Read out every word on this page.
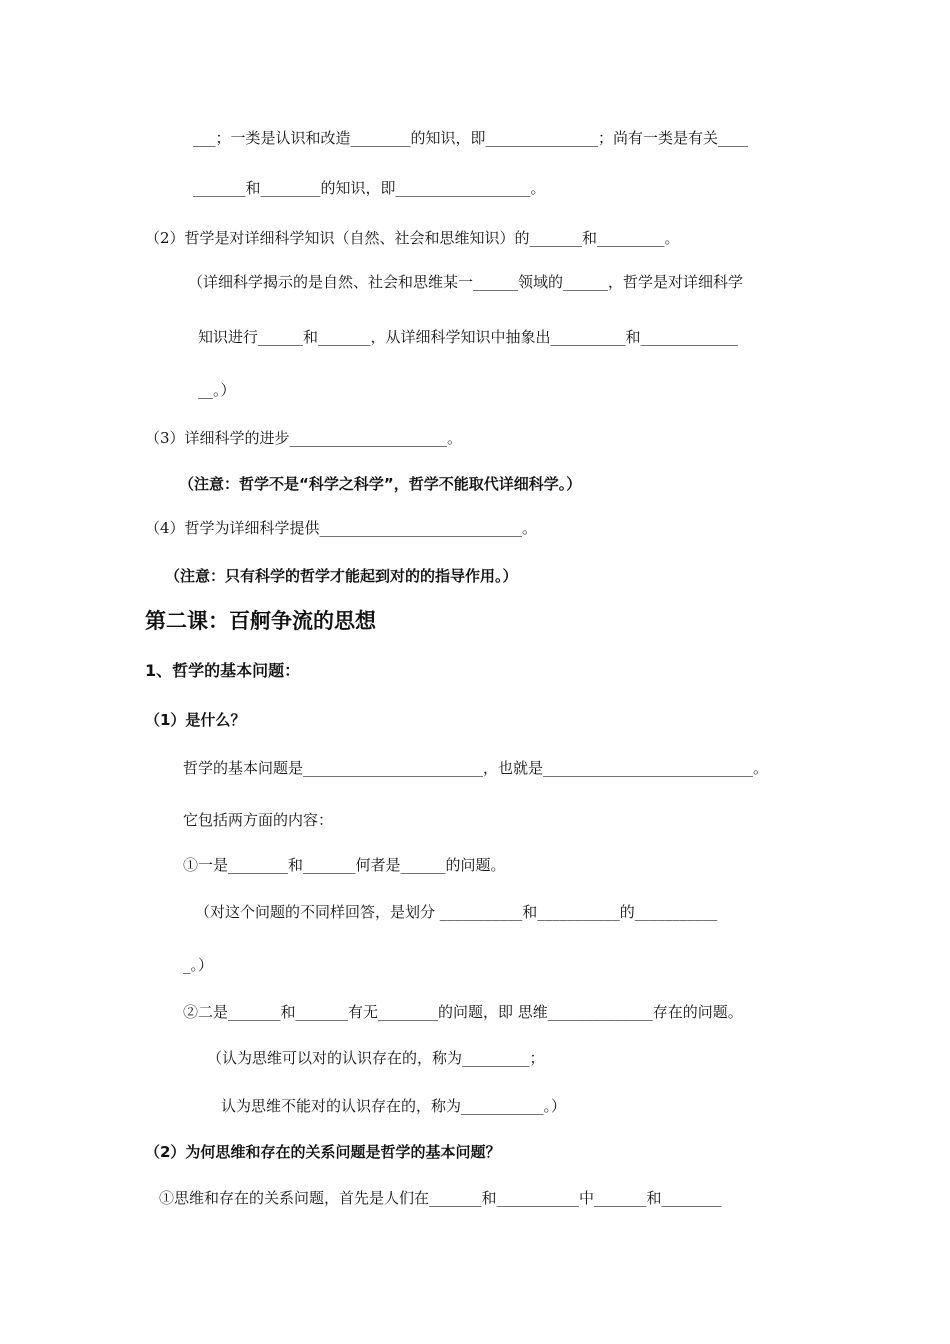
___；一类是认识和改造________的知识，即_______________；尚有一类是有关____
_______和________的知识，即__________________。
（2）哲学是对详细科学知识（自然、社会和思维知识）的_______和_________。
（详细科学揭示的是自然、社会和思维某一______领域的______，哲学是对详细科学
知识进行______和_______，从详细科学知识中抽象出__________和_____________
__。）
（3）详细科学的进步_____________________。
（注意：哲学不是“科学之科学”，哲学不能取代详细科学。）
（4）哲学为详细科学提供___________________________。
（注意：只有科学的哲学才能起到对的的指导作用。）
第二课：百舸争流的思想
1、哲学的基本问题：
（1）是什么？
哲学的基本问题是________________________，也就是____________________________。
它包括两方面的内容：
①一是________和_______何者是______的问题。
（对这个问题的不同样回答，是划分 ___________和___________的___________
_。）
②二是_______和_______有无________的问题，即 思维______________存在的问题。
（认为思维可以对的认识存在的，称为_________；
认为思维不能对的认识存在的，称为___________。）
（2）为何思维和存在的关系问题是哲学的基本问题？
①思维和存在的关系问题，首先是人们在_______和___________中_______和________
